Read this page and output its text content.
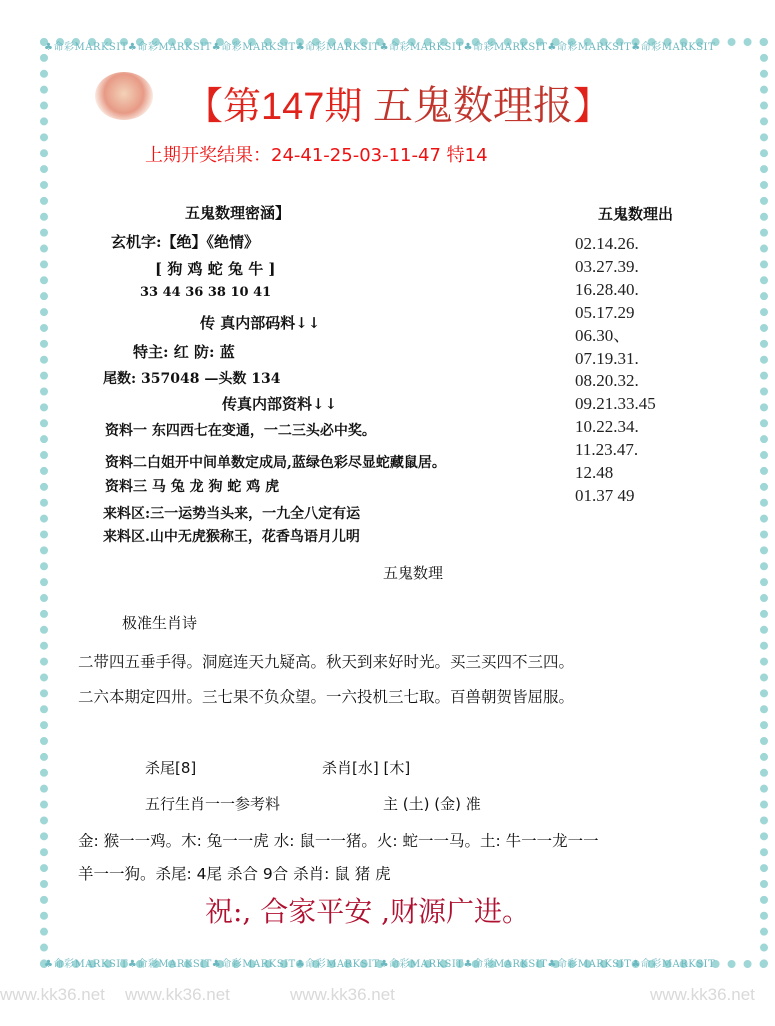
♣命彩MARKSIT♣命彩MARKSIT♣命彩MARKSIT♣命彩MARKSIT♣命彩MARKSIT♣命彩MARKSIT♣命彩MARKSIT♣命彩MARKSIT
♣命彩MARKSIT♣命彩MARKSIT♣命彩MARKSIT♣命彩MARKSIT♣命彩MARKSIT♣命彩MARKSIT♣命彩MARKSIT♣命彩MARKSIT
www.kk36.net www.kk36.net	www.kk36.net	www.kk36.net
【第147期 五鬼数理报】
上期开奖结果：24-41-25-03-11-47 特14
五鬼数理密涵】
玄机字:【绝】《绝情》
[ 狗 鸡 蛇 兔 牛 ]
33 44 36 38 10 41
传 真内部码料↓↓
特主: 红 防: 蓝
尾数: 357048 —头数 134
传真内部资料↓↓
资料一 东四西七在变通，一二三头必中奖。
资料二白姐开中间单数定成局,蓝绿色彩尽显蛇藏鼠居。
资料三 马 兔 龙 狗 蛇 鸡 虎
来料区:三一运势当头来，一九全八定有运
来料区.山中无虎猴称王，花香鸟语月儿明
五鬼数理出
02.14.26.
03.27.39.
16.28.40.
05.17.29
06.30、
07.19.31.
08.20.32.
09.21.33.45
10.22.34.
11.23.47.
12.48
01.37 49
五鬼数理
极准生肖诗
二带四五垂手得。洞庭连天九疑高。秋天到来好时光。买三买四不三四。
二六本期定四卅。三七果不负众望。一六投机三七取。百兽朝贺皆屈服。
杀尾[8]	杀肖[水] [木]
五行生肖一一参考料	主 (土) (金) 准
金: 猴一一鸡。木: 兔一一虎 水: 鼠一一猪。火: 蛇一一马。土: 牛一一龙一一
羊一一狗。杀尾: 4尾 杀合 9合 杀肖: 鼠 猪 虎
祝:, 合家平安 ,财源广进。
